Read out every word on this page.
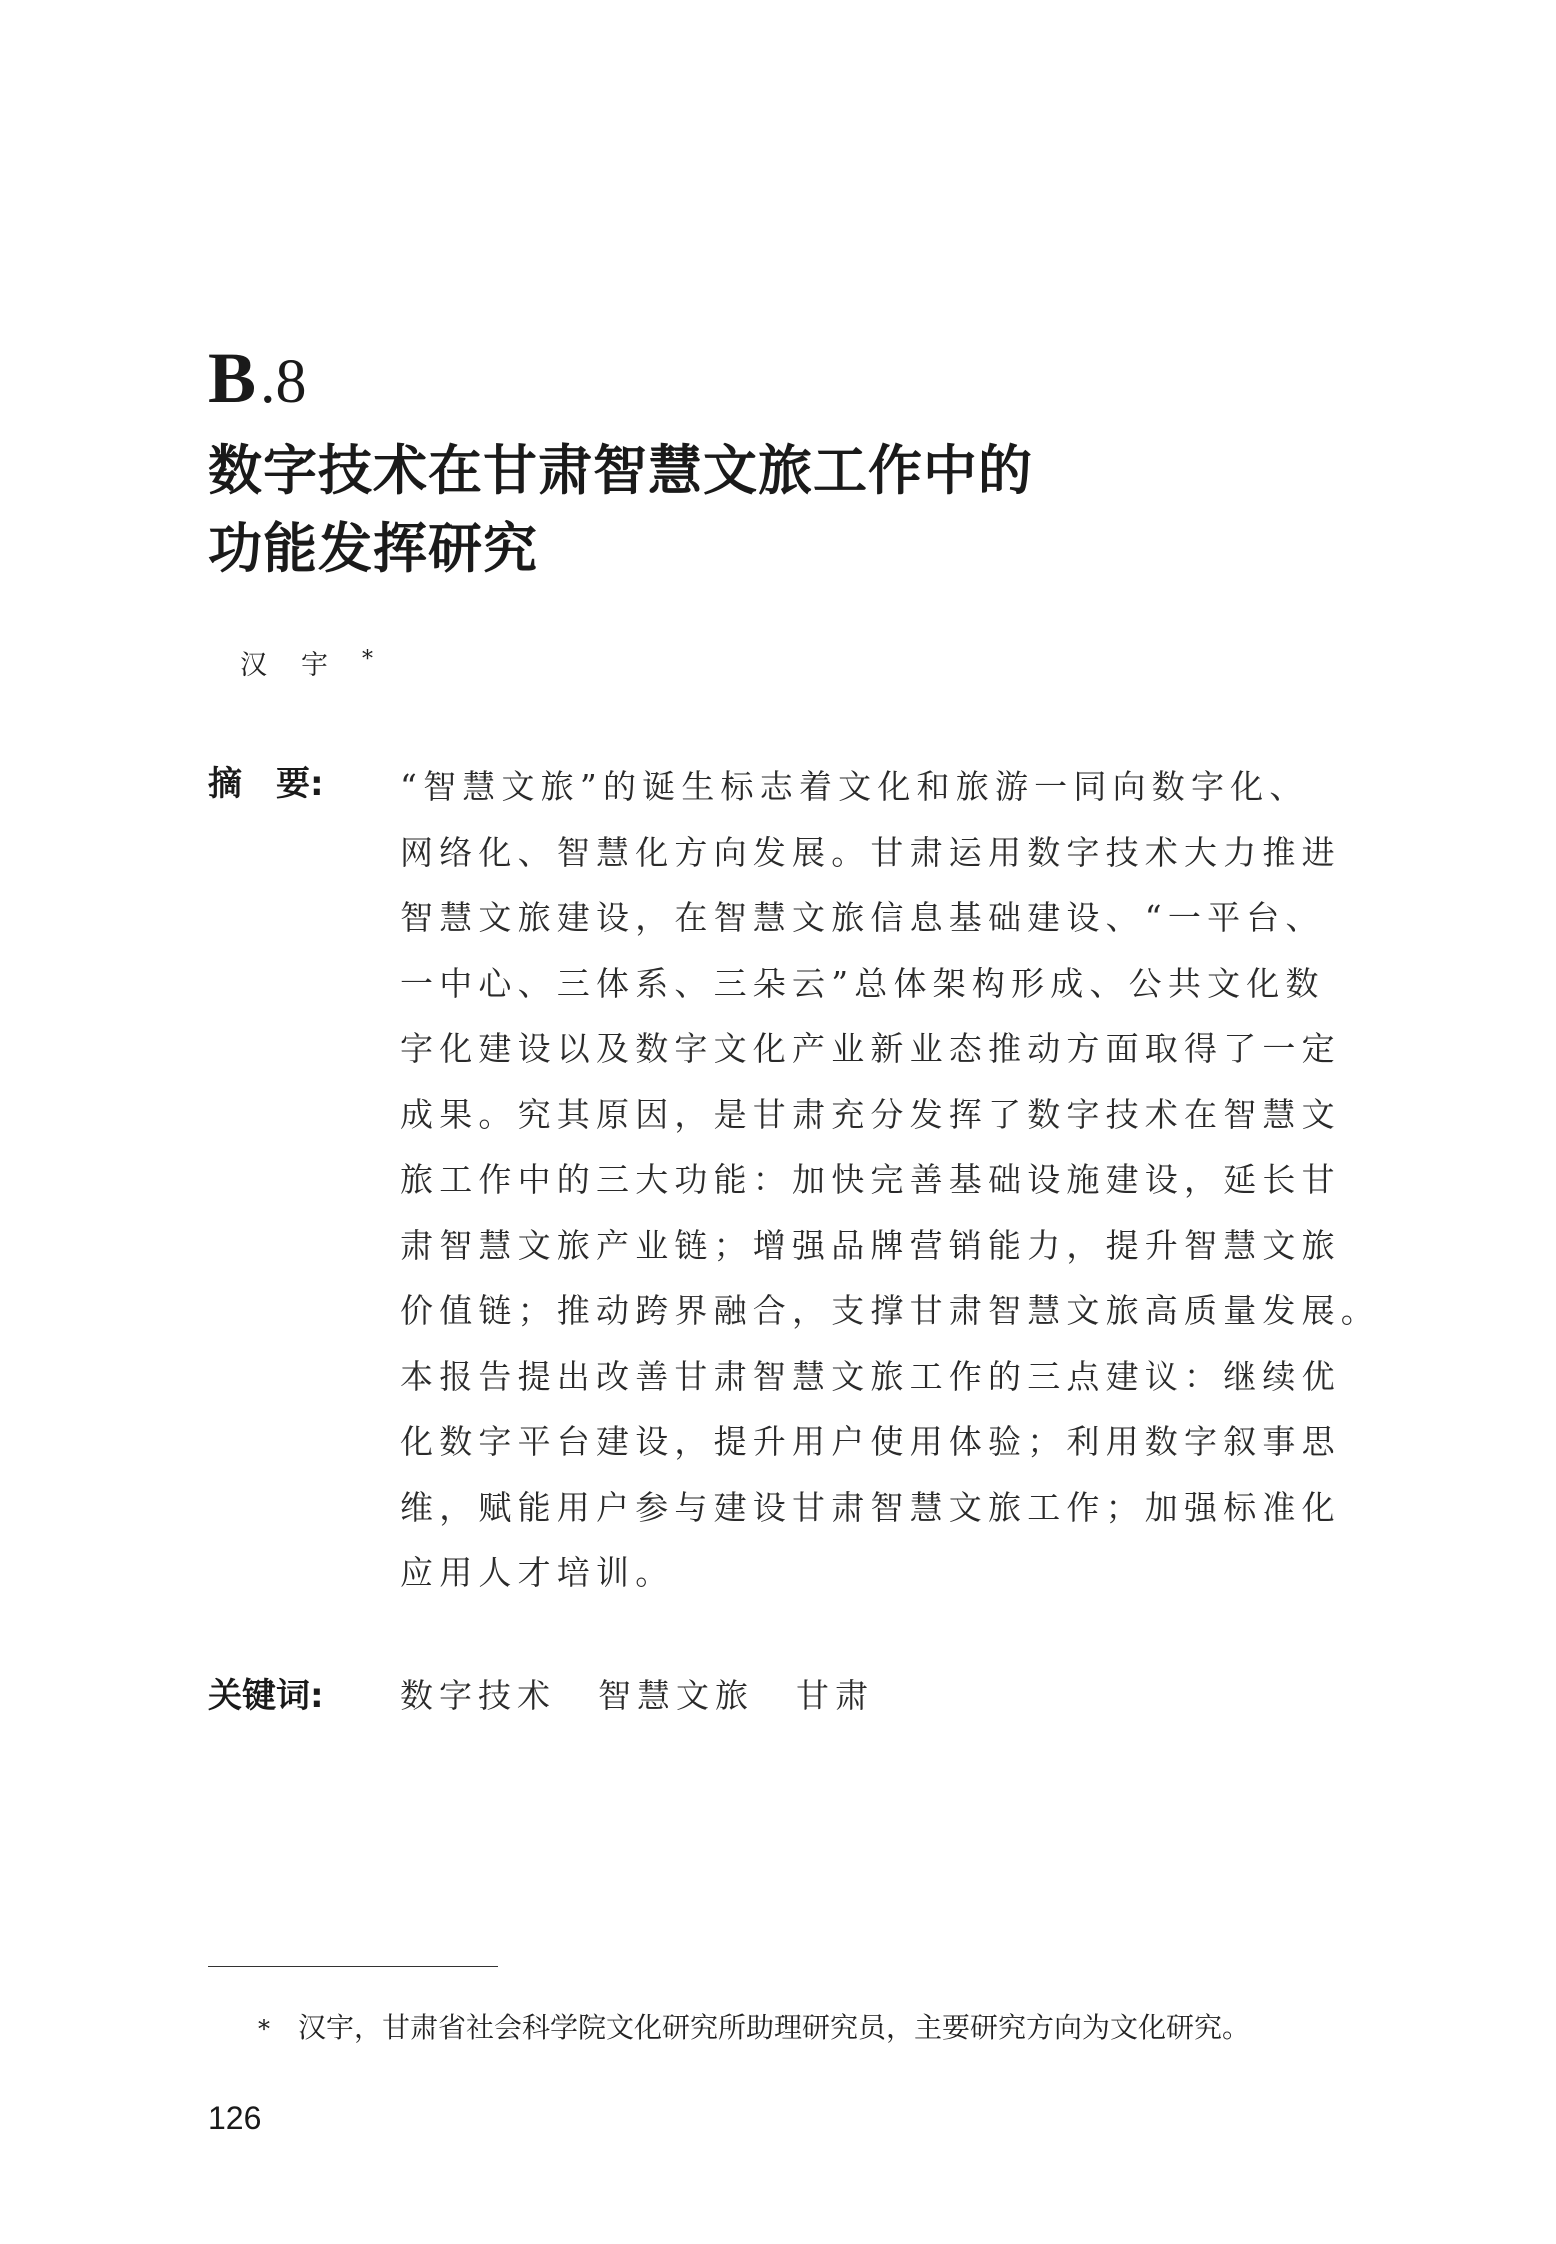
B .8
数字技术在甘肃智慧文旅工作中的
功能发挥研究
汉宇*
摘　要: “智慧文旅”的诞生标志着文化和旅游一同向数字化、
网络化、智慧化方向发展。甘肃运用数字技术大力推进
智慧文旅建设，在智慧文旅信息基础建设、“一平台、
一中心、三体系、三朵云”总体架构形成、公共文化数
字化建设以及数字文化产业新业态推动方面取得了一定
成果。究其原因，是甘肃充分发挥了数字技术在智慧文
旅工作中的三大功能：加快完善基础设施建设，延长甘
肃智慧文旅产业链；增强品牌营销能力，提升智慧文旅
价值链；推动跨界融合，支撑甘肃智慧文旅高质量发展。
本报告提出改善甘肃智慧文旅工作的三点建议：继续优
化数字平台建设，提升用户使用体验；利用数字叙事思
维，赋能用户参与建设甘肃智慧文旅工作；加强标准化
应用人才培训。
关键词: 数字技术 智慧文旅 甘肃
* 汉宇，甘肃省社会科学院文化研究所助理研究员，主要研究方向为文化研究。
126
